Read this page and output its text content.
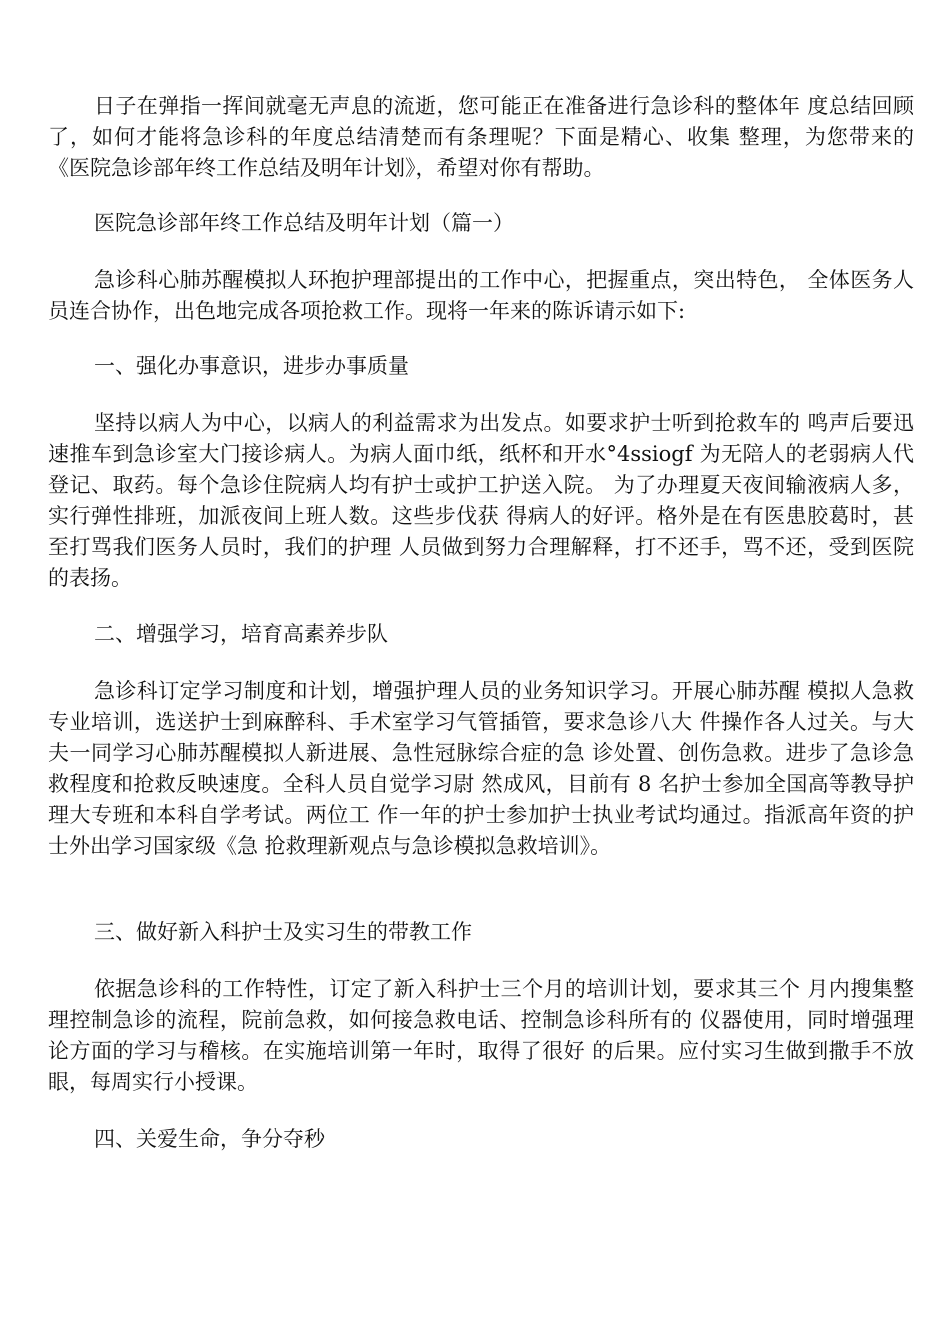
日子在弹指一挥间就毫无声息的流逝，您可能正在准备进行急诊科的整体年 度总结回顾了，如何才能将急诊科的年度总结清楚而有条理呢？下面是精心、收集 整理，为您带来的《医院急诊部年终工作总结及明年计划》，希望对你有帮助。

医院急诊部年终工作总结及明年计划（篇一）

急诊科心肺苏醒模拟人环抱护理部提出的工作中心，把握重点，突出特色， 全体医务人员连合协作，出色地完成各项抢救工作。现将一年来的陈诉请示如下:

一、强化办事意识，进步办事质量

坚持以病人为中心，以病人的利益需求为出发点。如要求护士听到抢救车的 鸣声后要迅速推车到急诊室大门接诊病人。为病人面巾纸，纸杯和开水°4ssiogf 为无陪人的老弱病人代登记、取药。每个急诊住院病人均有护士或护工护送入院。 为了办理夏天夜间输液病人多，实行弹性排班，加派夜间上班人数。这些步伐获 得病人的好评。格外是在有医患胶葛时，甚至打骂我们医务人员时，我们的护理 人员做到努力合理解释，打不还手，骂不还，受到医院的表扬。

二、增强学习，培育高素养步队

急诊科订定学习制度和计划，增强护理人员的业务知识学习。开展心肺苏醒 模拟人急救专业培训，选送护士到麻醉科、手术室学习气管插管，要求急诊八大 件操作各人过关。与大夫一同学习心肺苏醒模拟人新进展、急性冠脉综合症的急 诊处置、创伤急救。进步了急诊急救程度和抢救反映速度。全科人员自觉学习尉 然成风，目前有 8 名护士参加全国高等教导护理大专班和本科自学考试。两位工 作一年的护士参加护士执业考试均通过。指派高年资的护士外出学习国家级《急 抢救理新观点与急诊模拟急救培训》。

三、做好新入科护士及实习生的带教工作

依据急诊科的工作特性，订定了新入科护士三个月的培训计划，要求其三个 月内搜集整理控制急诊的流程，院前急救，如何接急救电话、控制急诊科所有的 仪器使用，同时增强理论方面的学习与稽核。在实施培训第一年时，取得了很好 的后果。应付实习生做到撒手不放眼，每周实行小授课。

四、关爱生命，争分夺秒
